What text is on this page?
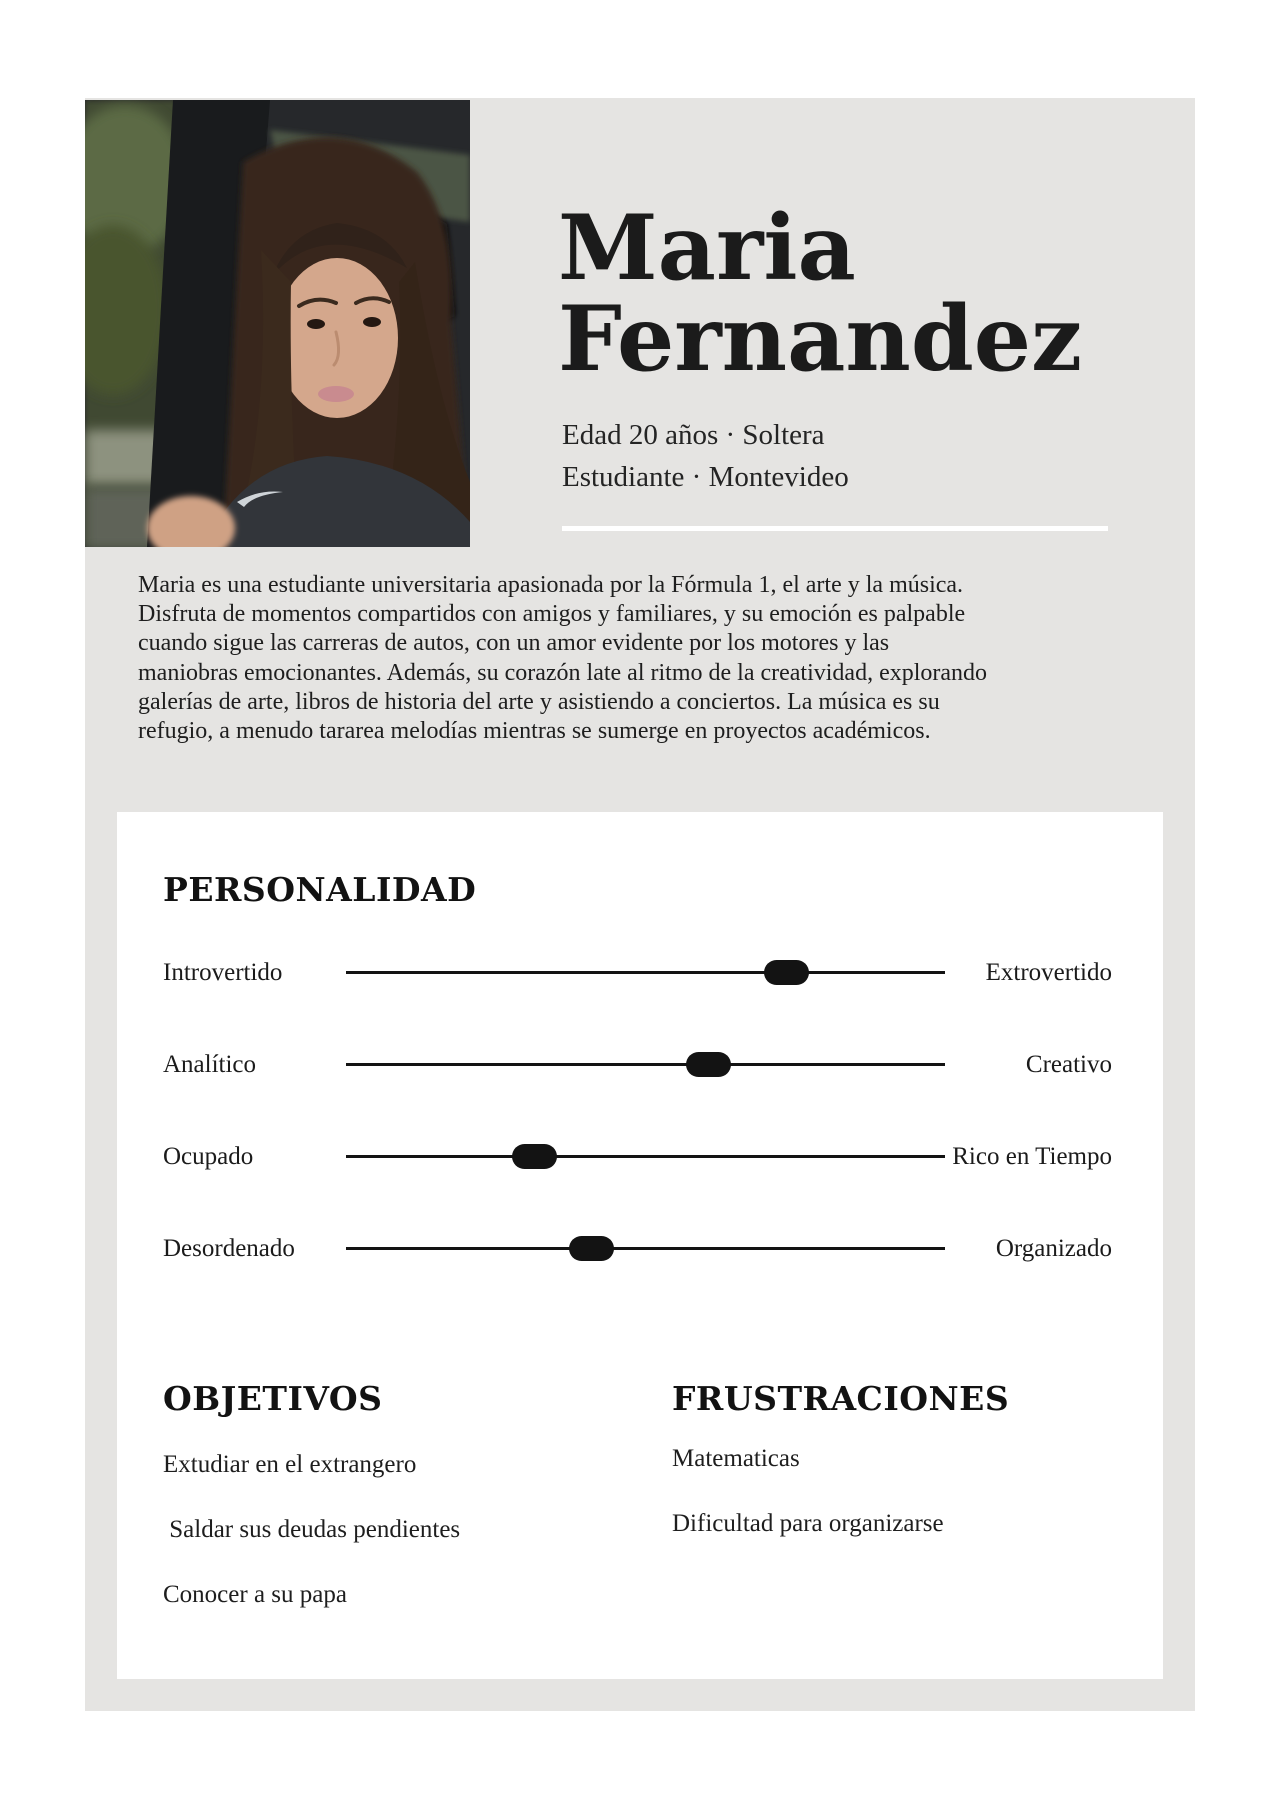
Maria
Fernandez

Edad 20 años · Soltera
Estudiante · Montevideo

Maria es una estudiante universitaria apasionada por la Fórmula 1, el arte y la música. Disfruta de momentos compartidos con amigos y familiares, y su emoción es palpable cuando sigue las carreras de autos, con un amor evidente por los motores y las maniobras emocionantes. Además, su corazón late al ritmo de la creatividad, explorando galerías de arte, libros de historia del arte y asistiendo a conciertos. La música es su refugio, a menudo tararea melodías mientras se sumerge en proyectos académicos.

PERSONALIDAD
Introvertido	Extrovertido
Analítico	Creativo
Ocupado	Rico en Tiempo
Desordenado	Organizado
OBJETIVOS

Extudiar en el extrangero

Saldar sus deudas pendientes

Conocer a su papa

FRUSTRACIONES

Matematicas

Dificultad para organizarse
